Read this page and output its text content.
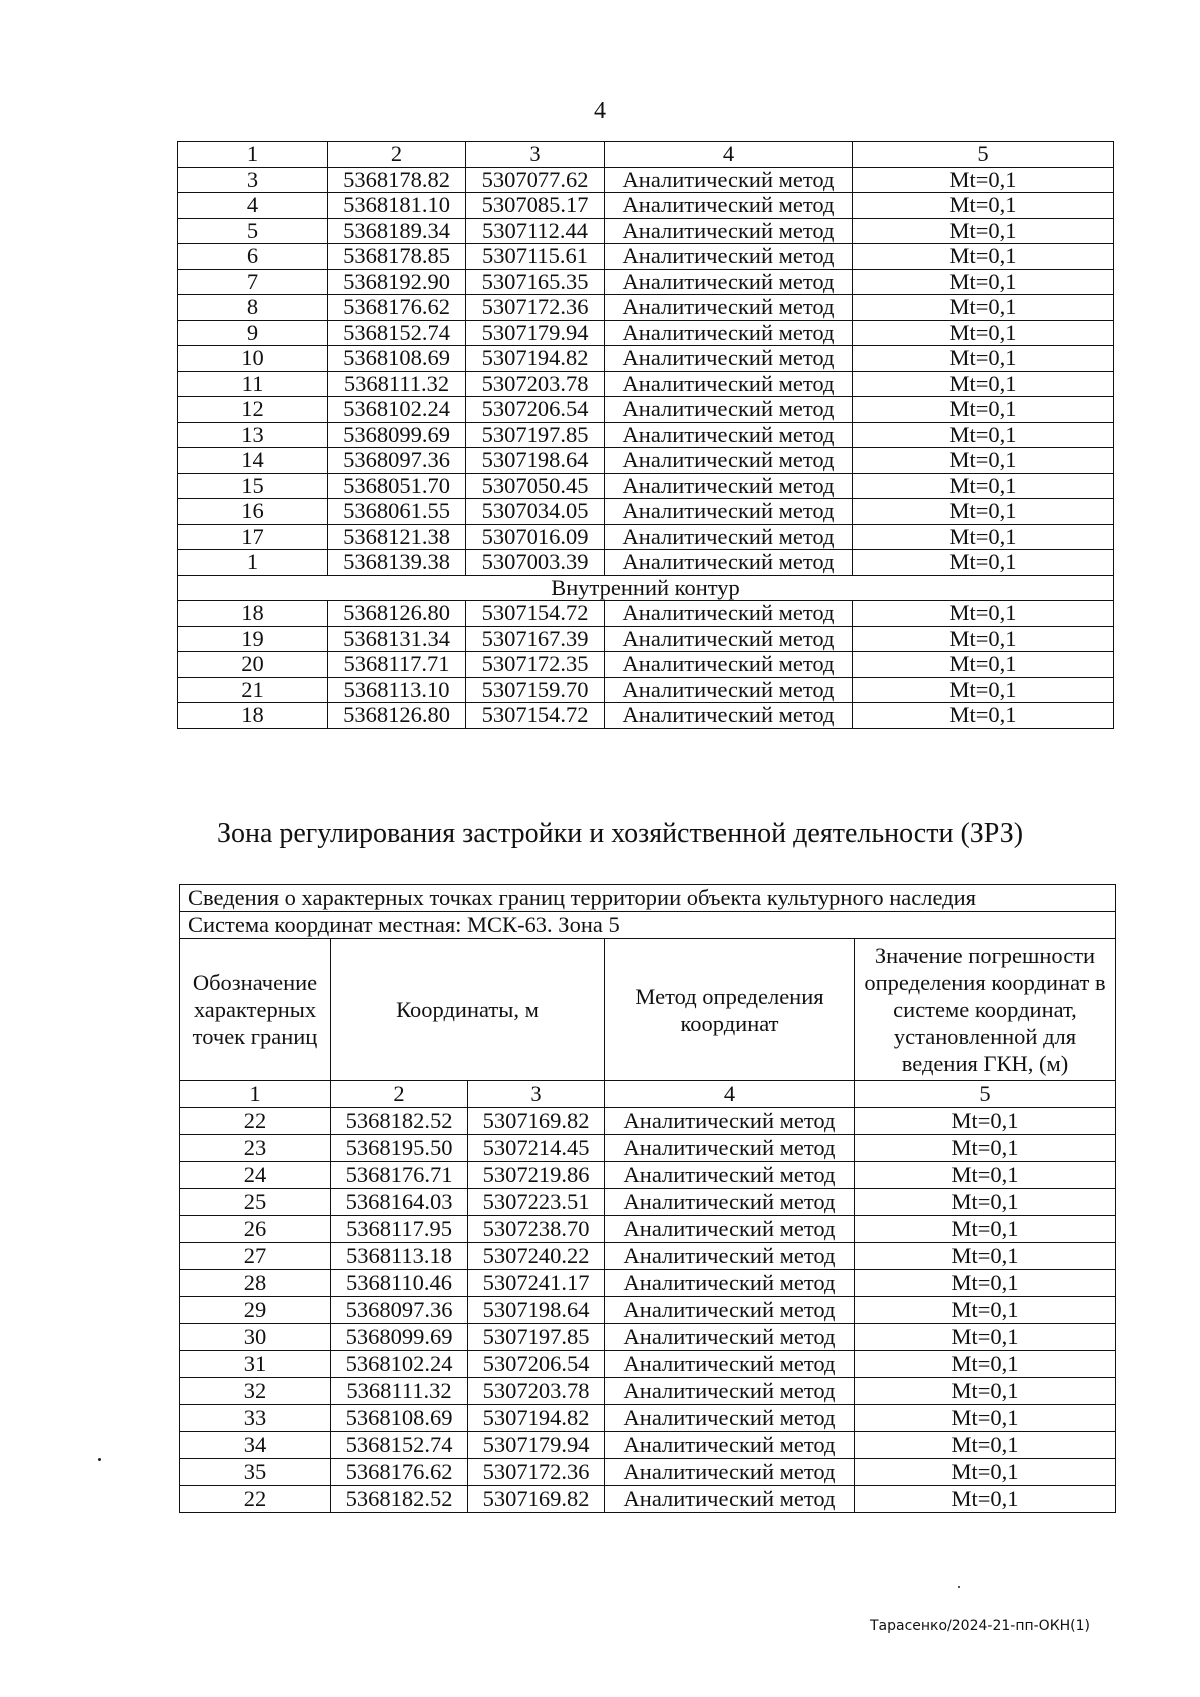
4
1	2	3	4	5
3	5368178.82	5307077.62	Аналитический метод	Mt=0,1
4	5368181.10	5307085.17	Аналитический метод	Mt=0,1
5	5368189.34	5307112.44	Аналитический метод	Mt=0,1
6	5368178.85	5307115.61	Аналитический метод	Mt=0,1
7	5368192.90	5307165.35	Аналитический метод	Mt=0,1
8	5368176.62	5307172.36	Аналитический метод	Mt=0,1
9	5368152.74	5307179.94	Аналитический метод	Mt=0,1
10	5368108.69	5307194.82	Аналитический метод	Mt=0,1
11	5368111.32	5307203.78	Аналитический метод	Mt=0,1
12	5368102.24	5307206.54	Аналитический метод	Mt=0,1
13	5368099.69	5307197.85	Аналитический метод	Mt=0,1
14	5368097.36	5307198.64	Аналитический метод	Mt=0,1
15	5368051.70	5307050.45	Аналитический метод	Mt=0,1
16	5368061.55	5307034.05	Аналитический метод	Mt=0,1
17	5368121.38	5307016.09	Аналитический метод	Mt=0,1
1	5368139.38	5307003.39	Аналитический метод	Mt=0,1
Внутренний контур				
18	5368126.80	5307154.72	Аналитический метод	Mt=0,1
19	5368131.34	5307167.39	Аналитический метод	Mt=0,1
20	5368117.71	5307172.35	Аналитический метод	Mt=0,1
21	5368113.10	5307159.70	Аналитический метод	Mt=0,1
18	5368126.80	5307154.72	Аналитический метод	Mt=0,1
Зона регулирования застройки и хозяйственной деятельности (ЗРЗ)
Сведения о характерных точках границ территории объекта культурного наследия				
Система координат местная: МСК-63. Зона 5				
Обозначение характерных точек границ	Координаты, м		Метод определения координат	Значение погрешности определения координат в системе координат, установленной для ведения ГКН, (м)
1	2	3	4	5
22	5368182.52	5307169.82	Аналитический метод	Mt=0,1
23	5368195.50	5307214.45	Аналитический метод	Mt=0,1
24	5368176.71	5307219.86	Аналитический метод	Mt=0,1
25	5368164.03	5307223.51	Аналитический метод	Mt=0,1
26	5368117.95	5307238.70	Аналитический метод	Mt=0,1
27	5368113.18	5307240.22	Аналитический метод	Mt=0,1
28	5368110.46	5307241.17	Аналитический метод	Mt=0,1
29	5368097.36	5307198.64	Аналитический метод	Mt=0,1
30	5368099.69	5307197.85	Аналитический метод	Mt=0,1
31	5368102.24	5307206.54	Аналитический метод	Mt=0,1
32	5368111.32	5307203.78	Аналитический метод	Mt=0,1
33	5368108.69	5307194.82	Аналитический метод	Mt=0,1
34	5368152.74	5307179.94	Аналитический метод	Mt=0,1
35	5368176.62	5307172.36	Аналитический метод	Mt=0,1
22	5368182.52	5307169.82	Аналитический метод	Mt=0,1
Тарасенко/2024-21-пп-ОКН(1)
